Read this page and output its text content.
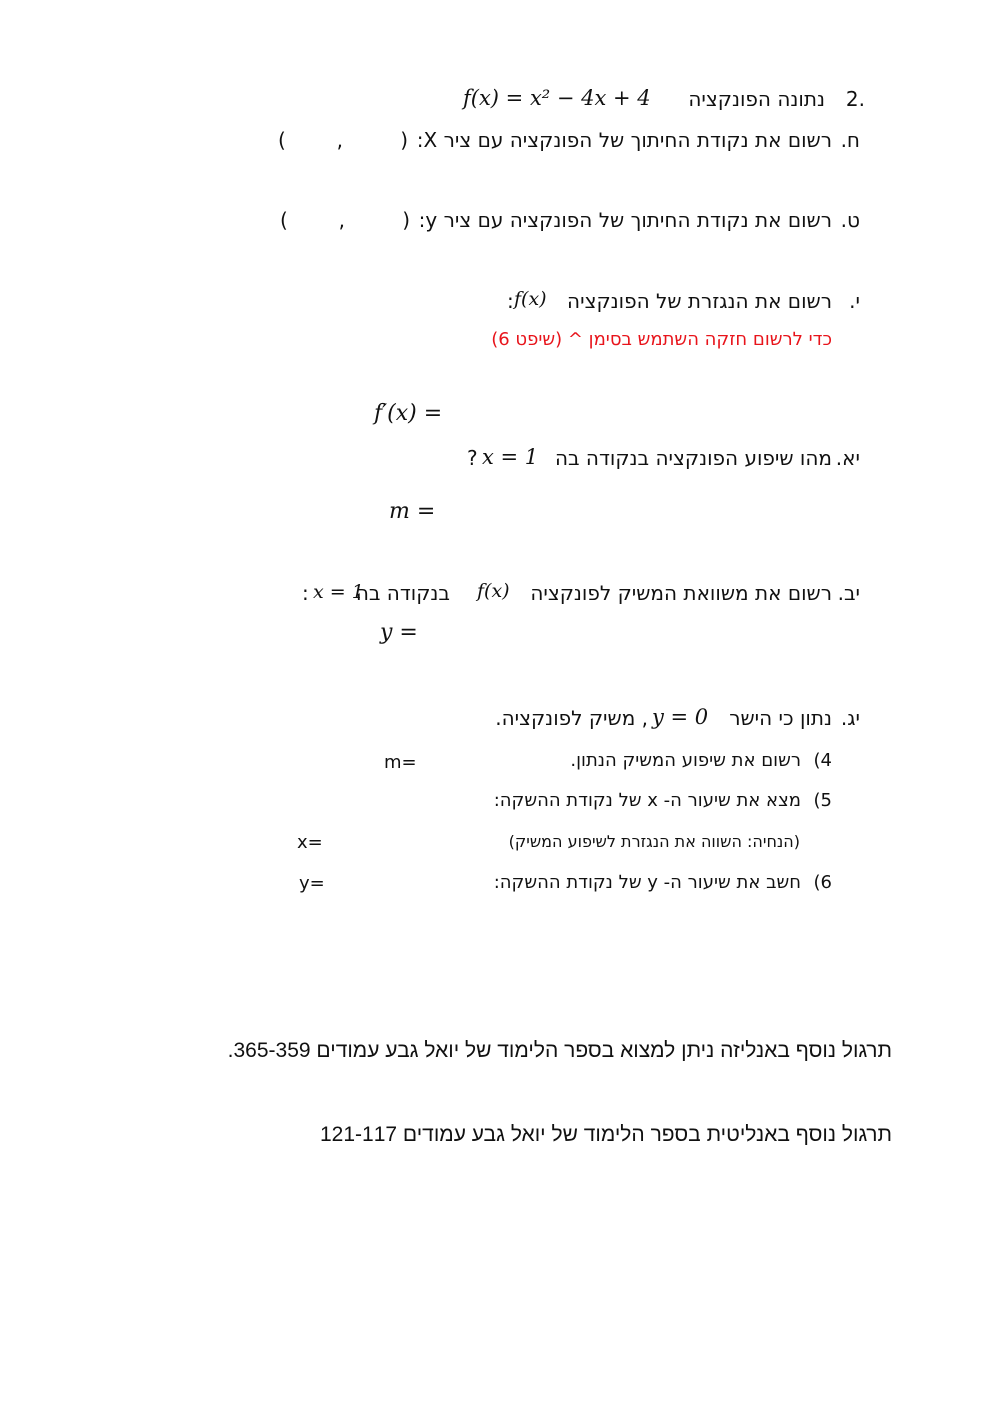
.2
נתונה הפונקציה
f(x) = x² − 4x + 4
ח.
רשום את נקודת החיתוך של הפונקציה עם ציר X:
(        ,         )
ט.
רשום את נקודת החיתוך של הפונקציה עם ציר y:
(        ,         )
י.
רשום את הנגזרת של הפונקציה
f(x)
:
כדי לרשום חזקה השתמש בסימן ^ (שיפט 6)
f′(x) =
יא.
מהו שיפוע הפונקציה בנקודה בה
x = 1
?
m =
יב.
רשום את משוואת המשיק לפונקציה
f(x)
בנקודה בה
x = 1
:
y =
יג.
נתון כי הישר
y = 0
, משיק לפונקציה.
4)
רשום את שיפוע המשיק הנתון.
m=
5)
מצא את שיעור ה- x של נקודת ההשקה:
(הנחיה: השווה את הנגזרת לשיפוע המשיק)
x=
6)
חשב את שיעור ה- y של נקודת ההשקה:
y=
תרגול נוסף באנליזה ניתן למצוא בספר הלימוד של יואל גבע עמודים 365-359.
תרגול נוסף באנליטית בספר הלימוד של יואל גבע עמודים 121-117
